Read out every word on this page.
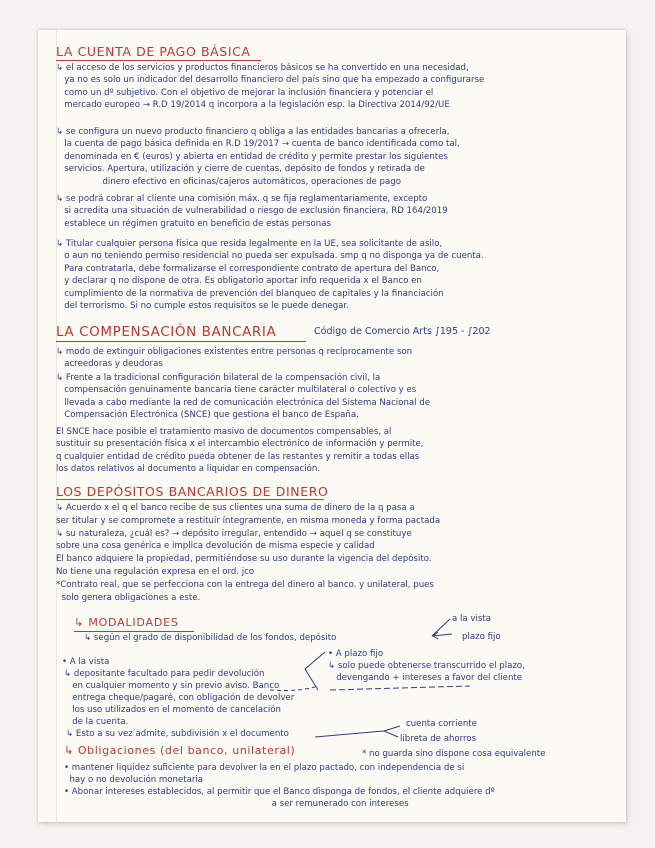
LA CUENTA DE PAGO BÁSICA
↳ el acceso de los servicios y productos financieros básicos se ha convertido en una necesidad,
ya no es solo un indicador del desarrollo financiero del país sino que ha empezado a configurarse
como un dº subjetivo. Con el objetivo de mejorar la inclusión financiera y potenciar el
mercado europeo → R.D 19/2014 q incorpora a la legislación esp. la Directiva 2014/92/UE
↳ se configura un nuevo producto financiero q obliga a las entidades bancarias a ofrecerla,
la cuenta de pago básica definida en R.D 19/2017 → cuenta de banco identificada como tal,
denominada en € (euros) y abierta en entidad de crédito y permite prestar los siguientes
servicios. Apertura, utilización y cierre de cuentas, depósito de fondos y retirada de
dinero efectivo en oficinas/cajeros automáticos, operaciones de pago
↳ se podrá cobrar al cliente una comisión máx. q se fija reglamentariamente, excepto
si acredita una situación de vulnerabilidad o riesgo de exclusión financiera, RD 164/2019
establece un régimen gratuito en beneficio de estas personas
↳ Titular cualquier persona física que resida legalmente en la UE, sea solicitante de asilo,
o aun no teniendo permiso residencial no pueda ser expulsada. smp q no disponga ya de cuenta.
Para contratarla, debe formalizarse el correspondiente contrato de apertura del Banco,
y declarar q no dispone de otra. Es obligatorio aportar info requerida x el Banco en
cumplimiento de la normativa de prevención del blanqueo de capitales y la financiación
del terrorismo. Si no cumple estos requisitos se le puede denegar.
LA COMPENSACIÓN BANCARIA	Código de Comercio Arts ∫195 - ∫202
↳ modo de extinguir obligaciones existentes entre personas q recíprocamente son
acreedoras y deudoras
↳ Frente a la tradicional configuración bilateral de la compensación civil, la
compensación genuinamente bancaria tiene carácter multilateral o colectivo y es
llevada a cabo mediante la red de comunicación electrónica del Sistema Nacional de
Compensación Electrónica (SNCE) que gestiona el banco de España.
El SNCE hace posible el tratamiento masivo de documentos compensables, al
sustituir su presentación física x el intercambio electrónico de información y permite,
q cualquier entidad de crédito pueda obtener de las restantes y remitir a todas ellas
los datos relativos al documento a liquidar en compensación.
LOS DEPÓSITOS BANCARIOS DE DINERO
↳ Acuerdo x el q el banco recibe de sus clientes una suma de dinero de la q pasa a
ser titular y se compromete a restituir íntegramente, en misma moneda y forma pactada
↳ su naturaleza, ¿cuál es? → depósito irregular, entendido → aquel q se constituye
sobre una cosa genérica e implica devolución de misma especie y calidad
El banco adquiere la propiedad, permitiéndose su uso durante la vigencia del depósito.
No tiene una regulación expresa en el ord. jco
*Contrato real, que se perfecciona con la entrega del dinero al banco. y unilateral, pues
solo genera obligaciones a este.
↳ MODALIDADES
↳ según el grado de disponibilidad de los fondos, depósito
a la vista
plazo fijo
• A la vista
↳ depositante facultado para pedir devolución
en cualquier momento y sin previo aviso. Banco
entrega cheque/pagaré, con obligación de devolver
los uso utilizados en el momento de cancelación
de la cuenta.
• A plazo fijo
↳ solo puede obtenerse transcurrido el plazo,
devengando + intereses a favor del cliente
↳ Esto a su vez admite, subdivisión x el documento
cuenta corriente
libreta de ahorros
↳ Obligaciones (del banco, unilateral)	* no guarda sino dispone cosa equivalente
• mantener liquidez suficiente para devolver la en el plazo pactado, con independencia de si
hay o no devolución monetaria
• Abonar intereses establecidos, al permitir que el Banco disponga de fondos, el cliente adquiere dº
a ser remunerado con intereses
